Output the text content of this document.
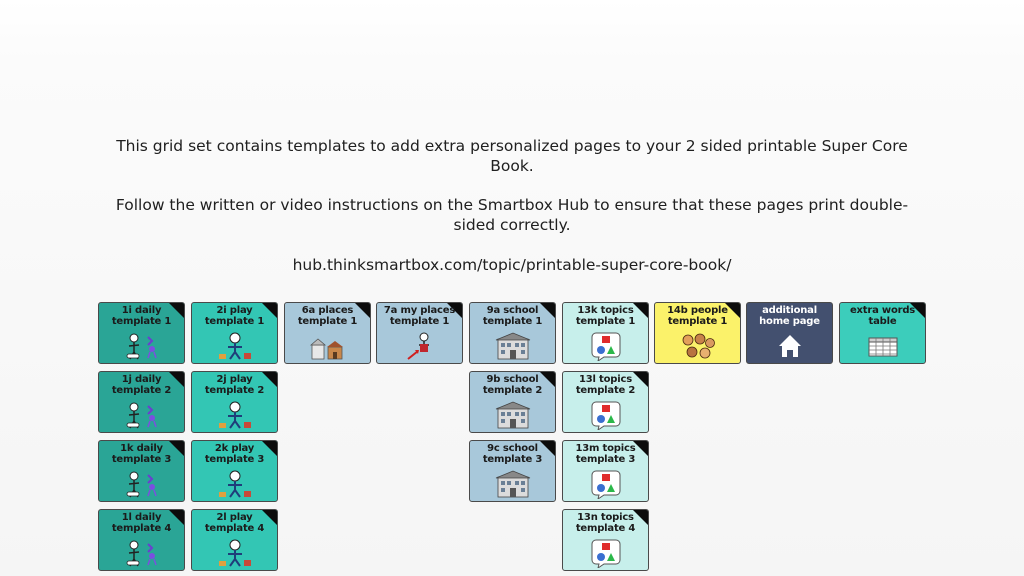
This grid set contains templates to add extra personalized pages to your 2 sided printable Super Core Book.

Follow the written or video instructions on the Smartbox Hub to ensure that these pages print double-sided correctly.

hub.thinksmartbox.com/topic/printable-super-core-book/

1i daily
template 1
2i play
template 1
6a places
template 1
7a my places
template 1
9a school
template 1
13k topics
template 1
14b people
template 1
additional
home page
extra words
table
1j daily
template 2
2j play
template 2
9b school
template 2
13l topics
template 2
1k daily
template 3
2k play
template 3
9c school
template 3
13m topics
template 3
1l daily
template 4
2l play
template 4
13n topics
template 4
